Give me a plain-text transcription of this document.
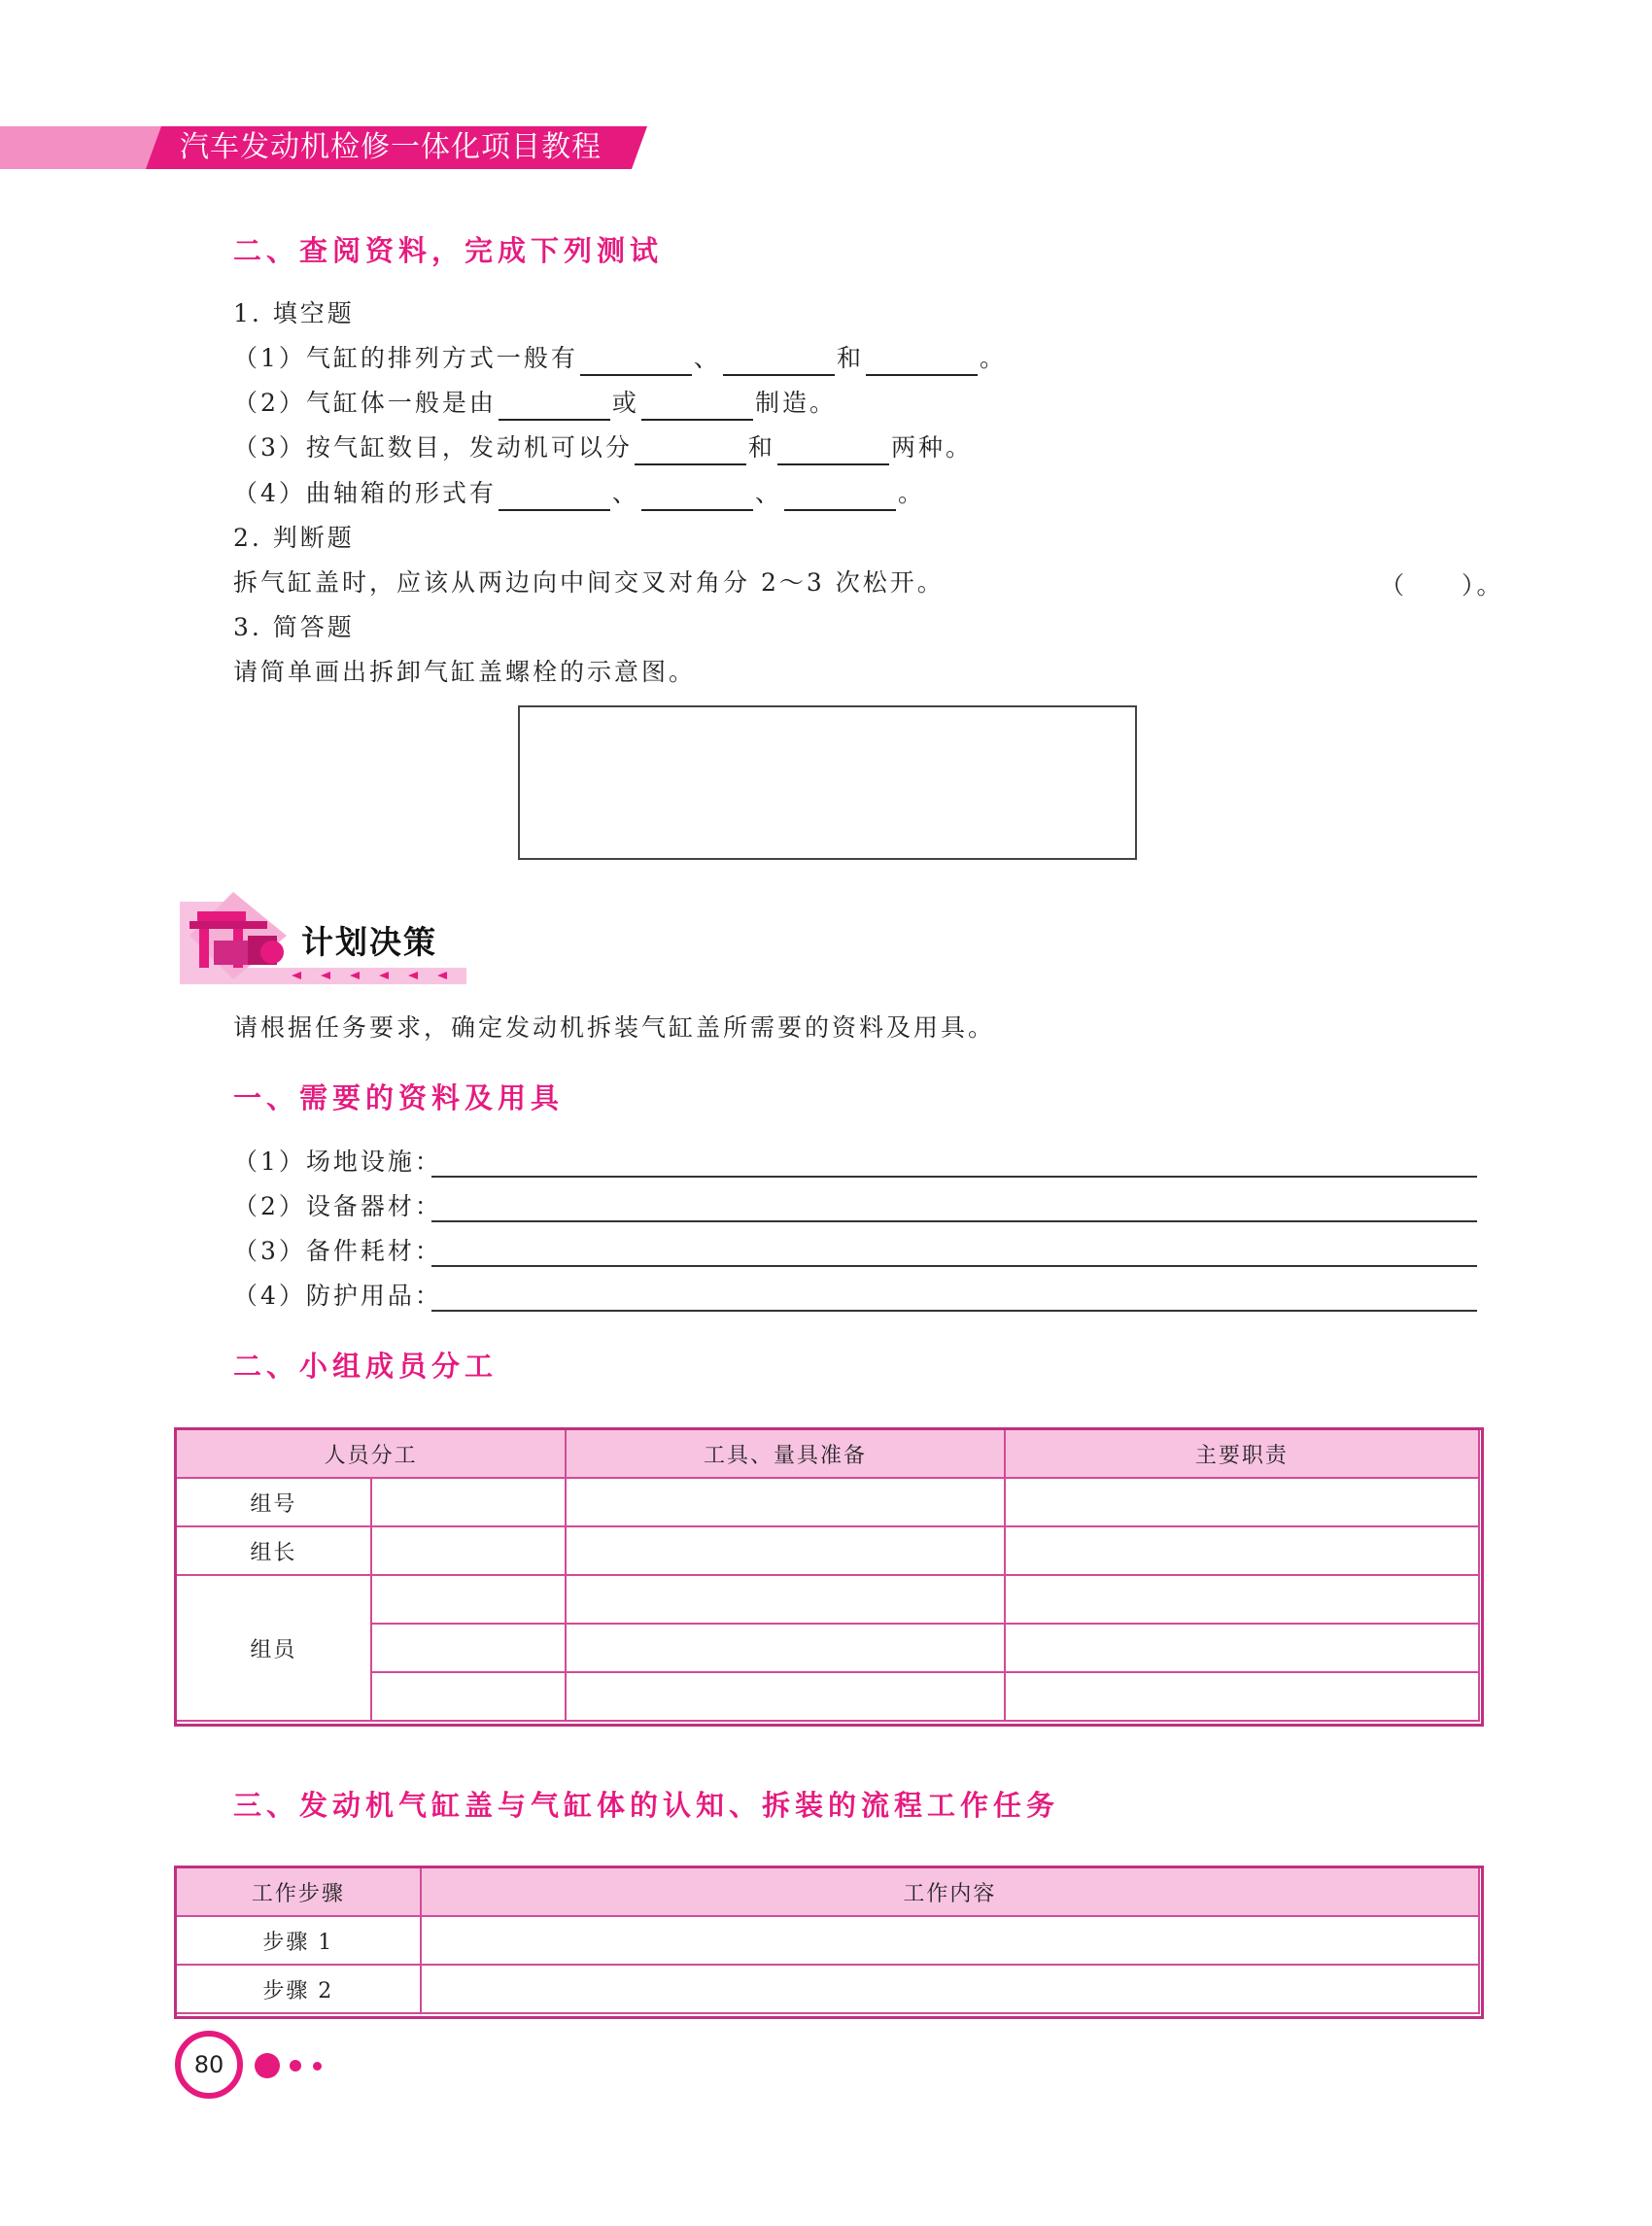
汽车发动机检修一体化项目教程
二、查阅资料，完成下列测试
1. 填空题
（1）气缸的排列方式一般有	、	和	。
（2）气缸体一般是由	或	制造。
（3）按气缸数目，发动机可以分	和	两种。
（4）曲轴箱的形式有	、	、	。
2. 判断题
拆气缸盖时，应该从两边向中间交叉对角分 2～3 次松开。	（　　）。
3. 简答题
请简单画出拆卸气缸盖螺栓的示意图。
计划决策
请根据任务要求，确定发动机拆装气缸盖所需要的资料及用具。
一、需要的资料及用具
（1）场地设施：
（2）设备器材：
（3）备件耗材：
（4）防护用品：
二、小组成员分工
人员分工		工具、量具准备	主要职责
组号			
组长			
组员			

三、发动机气缸盖与气缸体的认知、拆装的流程工作任务
工作步骤	工作内容
步骤 1	
步骤 2	
80
